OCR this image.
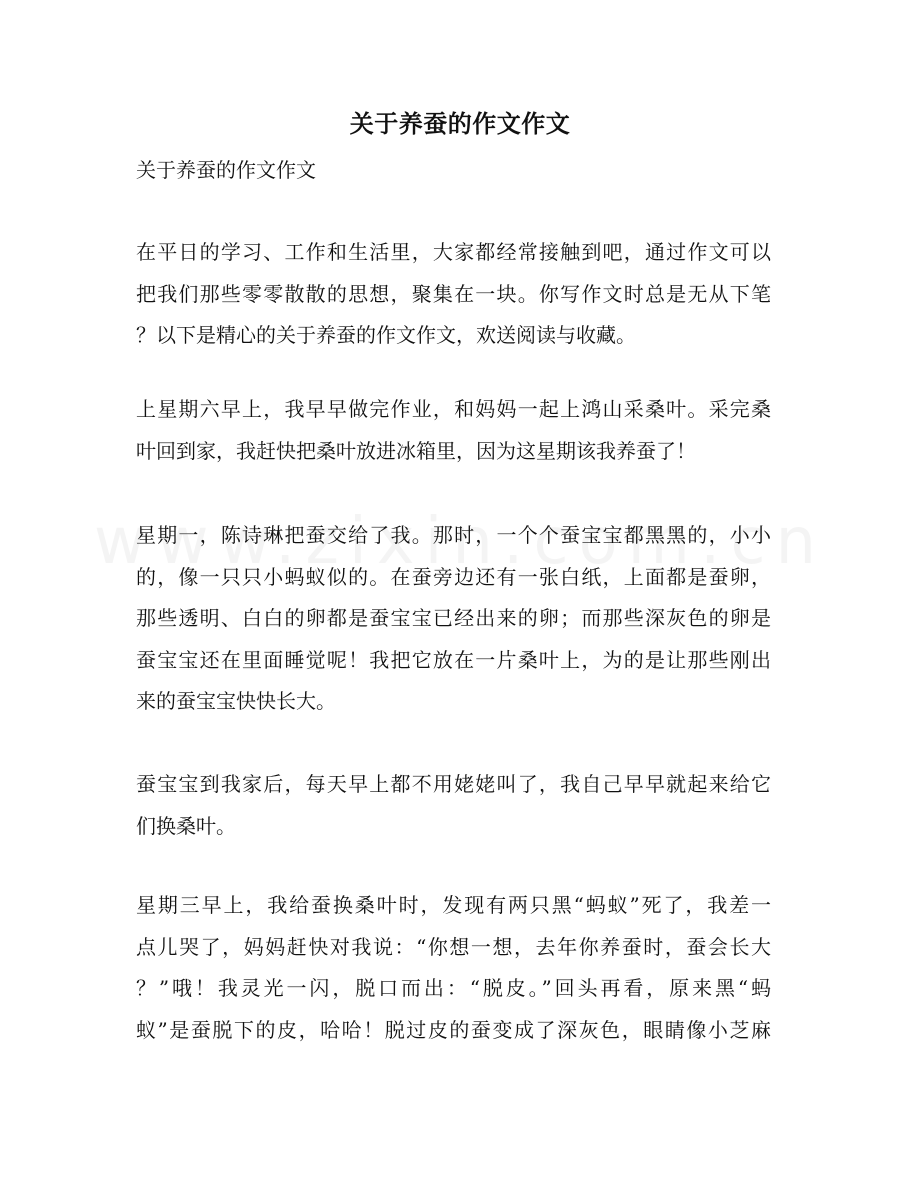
关于养蚕的作文作文
关于养蚕的作文作文
在平日的学习、工作和生活里，大家都经常接触到吧，通过作文可以
把我们那些零零散散的思想，聚集在一块。你写作文时总是无从下笔
？以下是精心的关于养蚕的作文作文，欢送阅读与收藏。
上星期六早上，我早早做完作业，和妈妈一起上鸿山采桑叶。采完桑
叶回到家，我赶快把桑叶放进冰箱里，因为这星期该我养蚕了！
星期一，陈诗琳把蚕交给了我。那时，一个个蚕宝宝都黑黑的，小小
的，像一只只小蚂蚁似的。在蚕旁边还有一张白纸，上面都是蚕卵，
那些透明、白白的卵都是蚕宝宝已经出来的卵；而那些深灰色的卵是
蚕宝宝还在里面睡觉呢！我把它放在一片桑叶上，为的是让那些刚出
来的蚕宝宝快快长大。
蚕宝宝到我家后，每天早上都不用姥姥叫了，我自己早早就起来给它
们换桑叶。
星期三早上，我给蚕换桑叶时，发现有两只黑“蚂蚁”死了，我差一
点儿哭了，妈妈赶快对我说：“你想一想，去年你养蚕时，蚕会长大
？”哦！我灵光一闪，脱口而出：“脱皮。”回头再看，原来黑“蚂
蚁”是蚕脱下的皮，哈哈！脱过皮的蚕变成了深灰色，眼睛像小芝麻
